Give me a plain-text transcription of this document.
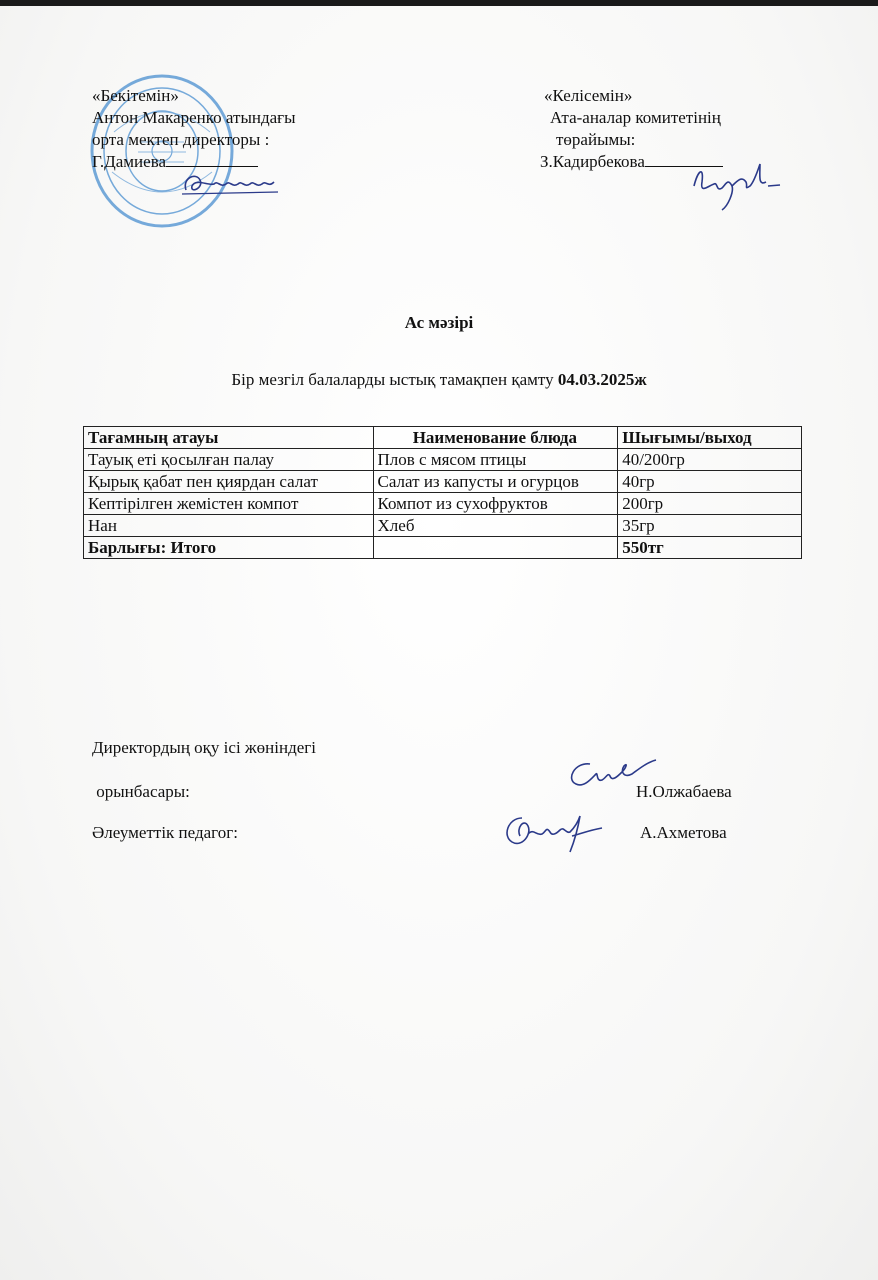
«Бекітемін»
Антон Макаренко атындағы
орта мектеп директоры :
Г.Дамиева
«Келісемін»
Ата-аналар комитетінің
төрайымы:
З.Кадирбекова
Ас мәзірі
Бір мезгіл балаларды ыстық тамақпен қамту 04.03.2025ж
Тағамның атауы	Наименование блюда	Шығымы/выход
Тауық еті қосылған палау	Плов с мясом птицы	40/200гр
Қырық қабат пен қиярдан салат	Салат из капусты и огурцов	40гр
Кептірілген жемістен компот	Компот из сухофруктов	200гр
Нан	Хлеб	35гр
Барлығы: Итого		550тг
Директордың оқу ісі жөніндегі
орынбасары:	Н.Олжабаева
Әлеуметтік педагог:	А.Ахметова
